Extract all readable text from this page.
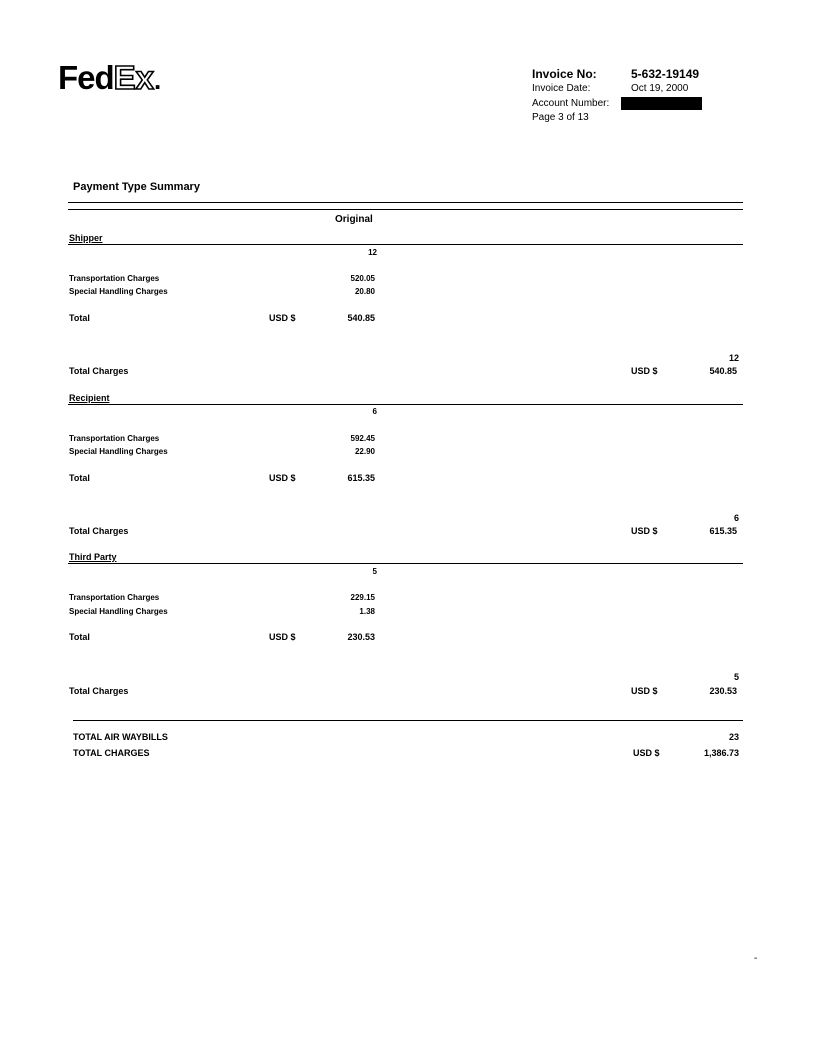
FedEx.	Invoice No:	5-632-19149
Invoice Date:	Oct 19, 2000
Account Number:
Page 3 of 13
Payment Type Summary
Original
Shipper
12
Transportation Charges	520.05
Special Handling Charges	20.80
Total	USD $	540.85
12
Total Charges	USD $	540.85
Recipient
6
Transportation Charges	592.45
Special Handling Charges	22.90
Total	USD $	615.35
6
Total Charges	USD $	615.35
Third Party
5
Transportation Charges	229.15
Special Handling Charges	1.38
Total	USD $	230.53
5
Total Charges	USD $	230.53
TOTAL AIR WAYBILLS	23
TOTAL CHARGES	USD $	1,386.73
-
